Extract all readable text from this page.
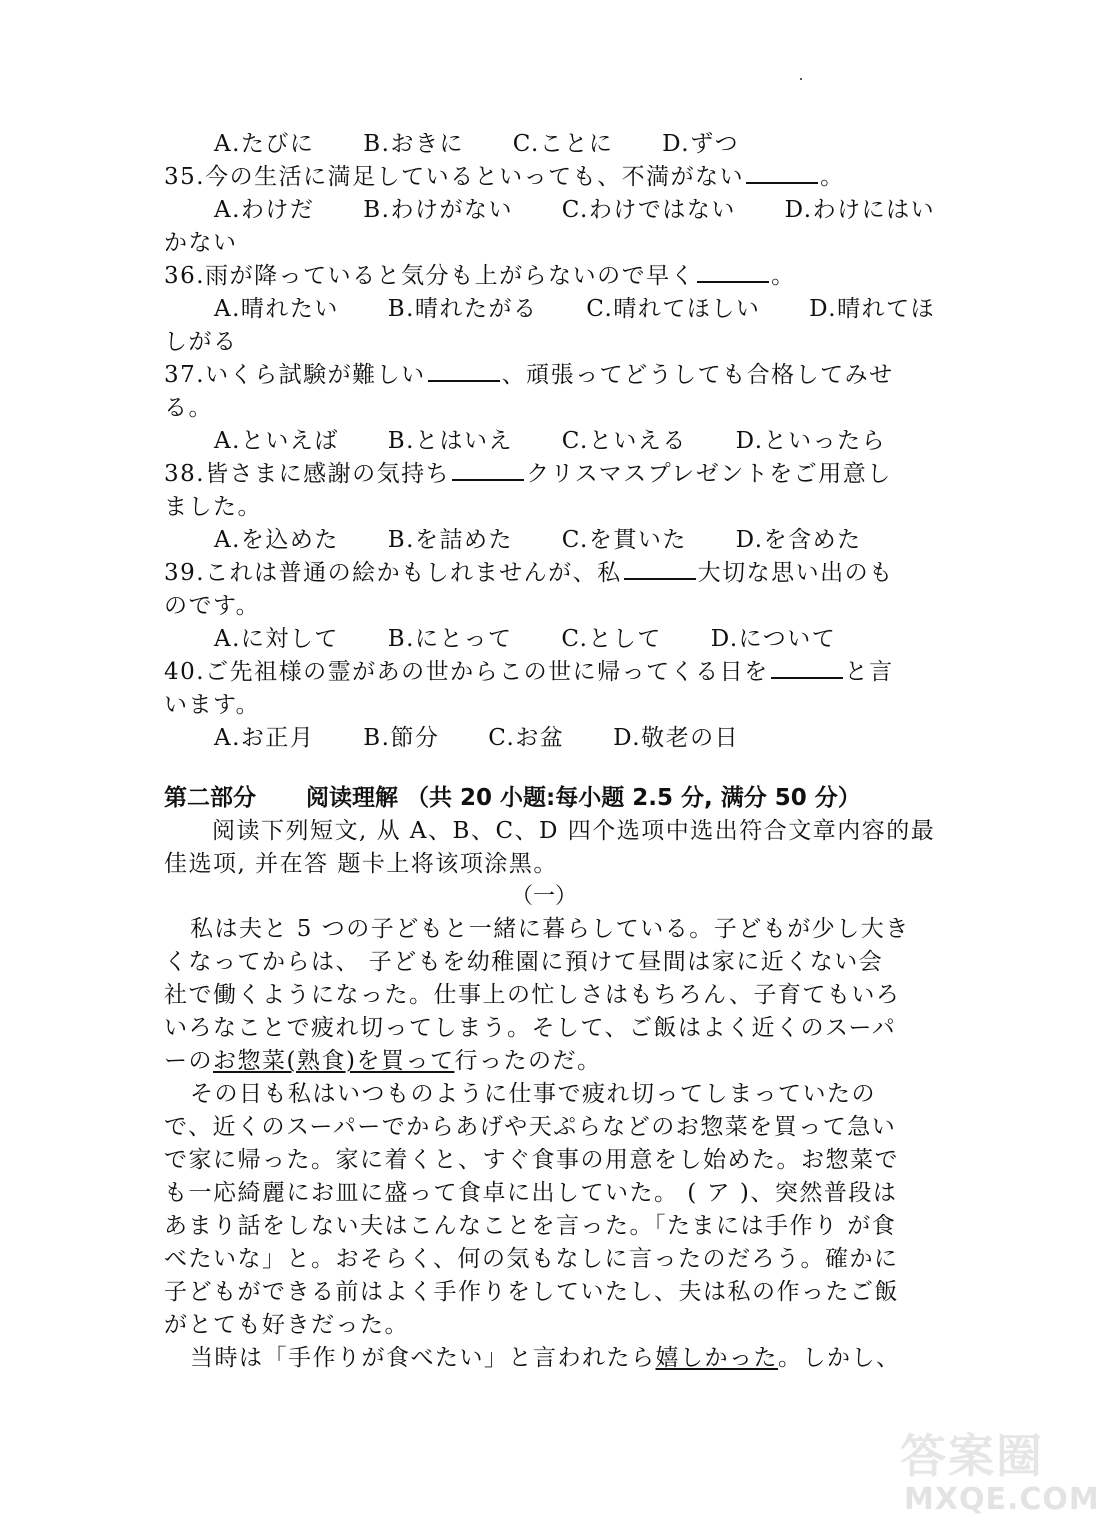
A.たびに B.おきに C.ことに D.ずつ
35.今の生活に満足しているといっても、不満がない	。
A.わけだ B.わけがない C.わけではない D.わけにはい
かない
36.雨が降っていると気分も上がらないので早く	。
A.晴れたい B.晴れたがる C.晴れてほしい D.晴れてほ
しがる
37.いくら試験が難しい	、頑張ってどうしても合格してみせ
る。
A.といえば B.とはいえ C.といえる D.といったら
38.皆さまに感謝の気持ち	クリスマスプレゼントをご用意し
ました。
A.を込めた B.を詰めた C.を貫いた D.を含めた
39.これは普通の絵かもしれませんが、私	大切な思い出のも
のです。
A.に対して B.にとって C.として D.について
40.ご先祖様の霊があの世からこの世に帰ってくる日を	と言
います。
A.お正月 B.節分 C.お盆 D.敬老の日
第二部分 阅读理解 （共 20 小题:每小题 2.5 分, 满分 50 分）
阅读下列短文, 从 A、B、C、D 四个选项中选出符合文章内容的最
佳选项, 并在答 题卡上将该项涂黑。
（一）
私は夫と 5 つの子どもと一緒に暮らしている。子どもが少し大き
くなってからは、 子どもを幼稚園に預けて昼間は家に近くない会
社で働くようになった。仕事上の忙しさはもちろん、子育てもいろ
いろなことで疲れ切ってしまう。そして、ご飯はよく近くのスーパ
ーのお惣菜(熟食)を買って行ったのだ。
その日も私はいつものように仕事で疲れ切ってしまっていたの
で、近くのスーパーでからあげや天ぷらなどのお惣菜を買って急い
で家に帰った。家に着くと、すぐ食事の用意をし始めた。お惣菜で
も一応綺麗にお皿に盛って食卓に出していた。 ( ア )、突然普段は
あまり話をしない夫はこんなことを言った。｢たまには手作り が食
べたいな」と。おそらく、何の気もなしに言ったのだろう。確かに
子どもができる前はよく手作りをしていたし、夫は私の作ったご飯
がとても好きだった。
当時は「手作りが食べたい」と言われたら嬉しかった。しかし、
答案圈
MXQE.COM
